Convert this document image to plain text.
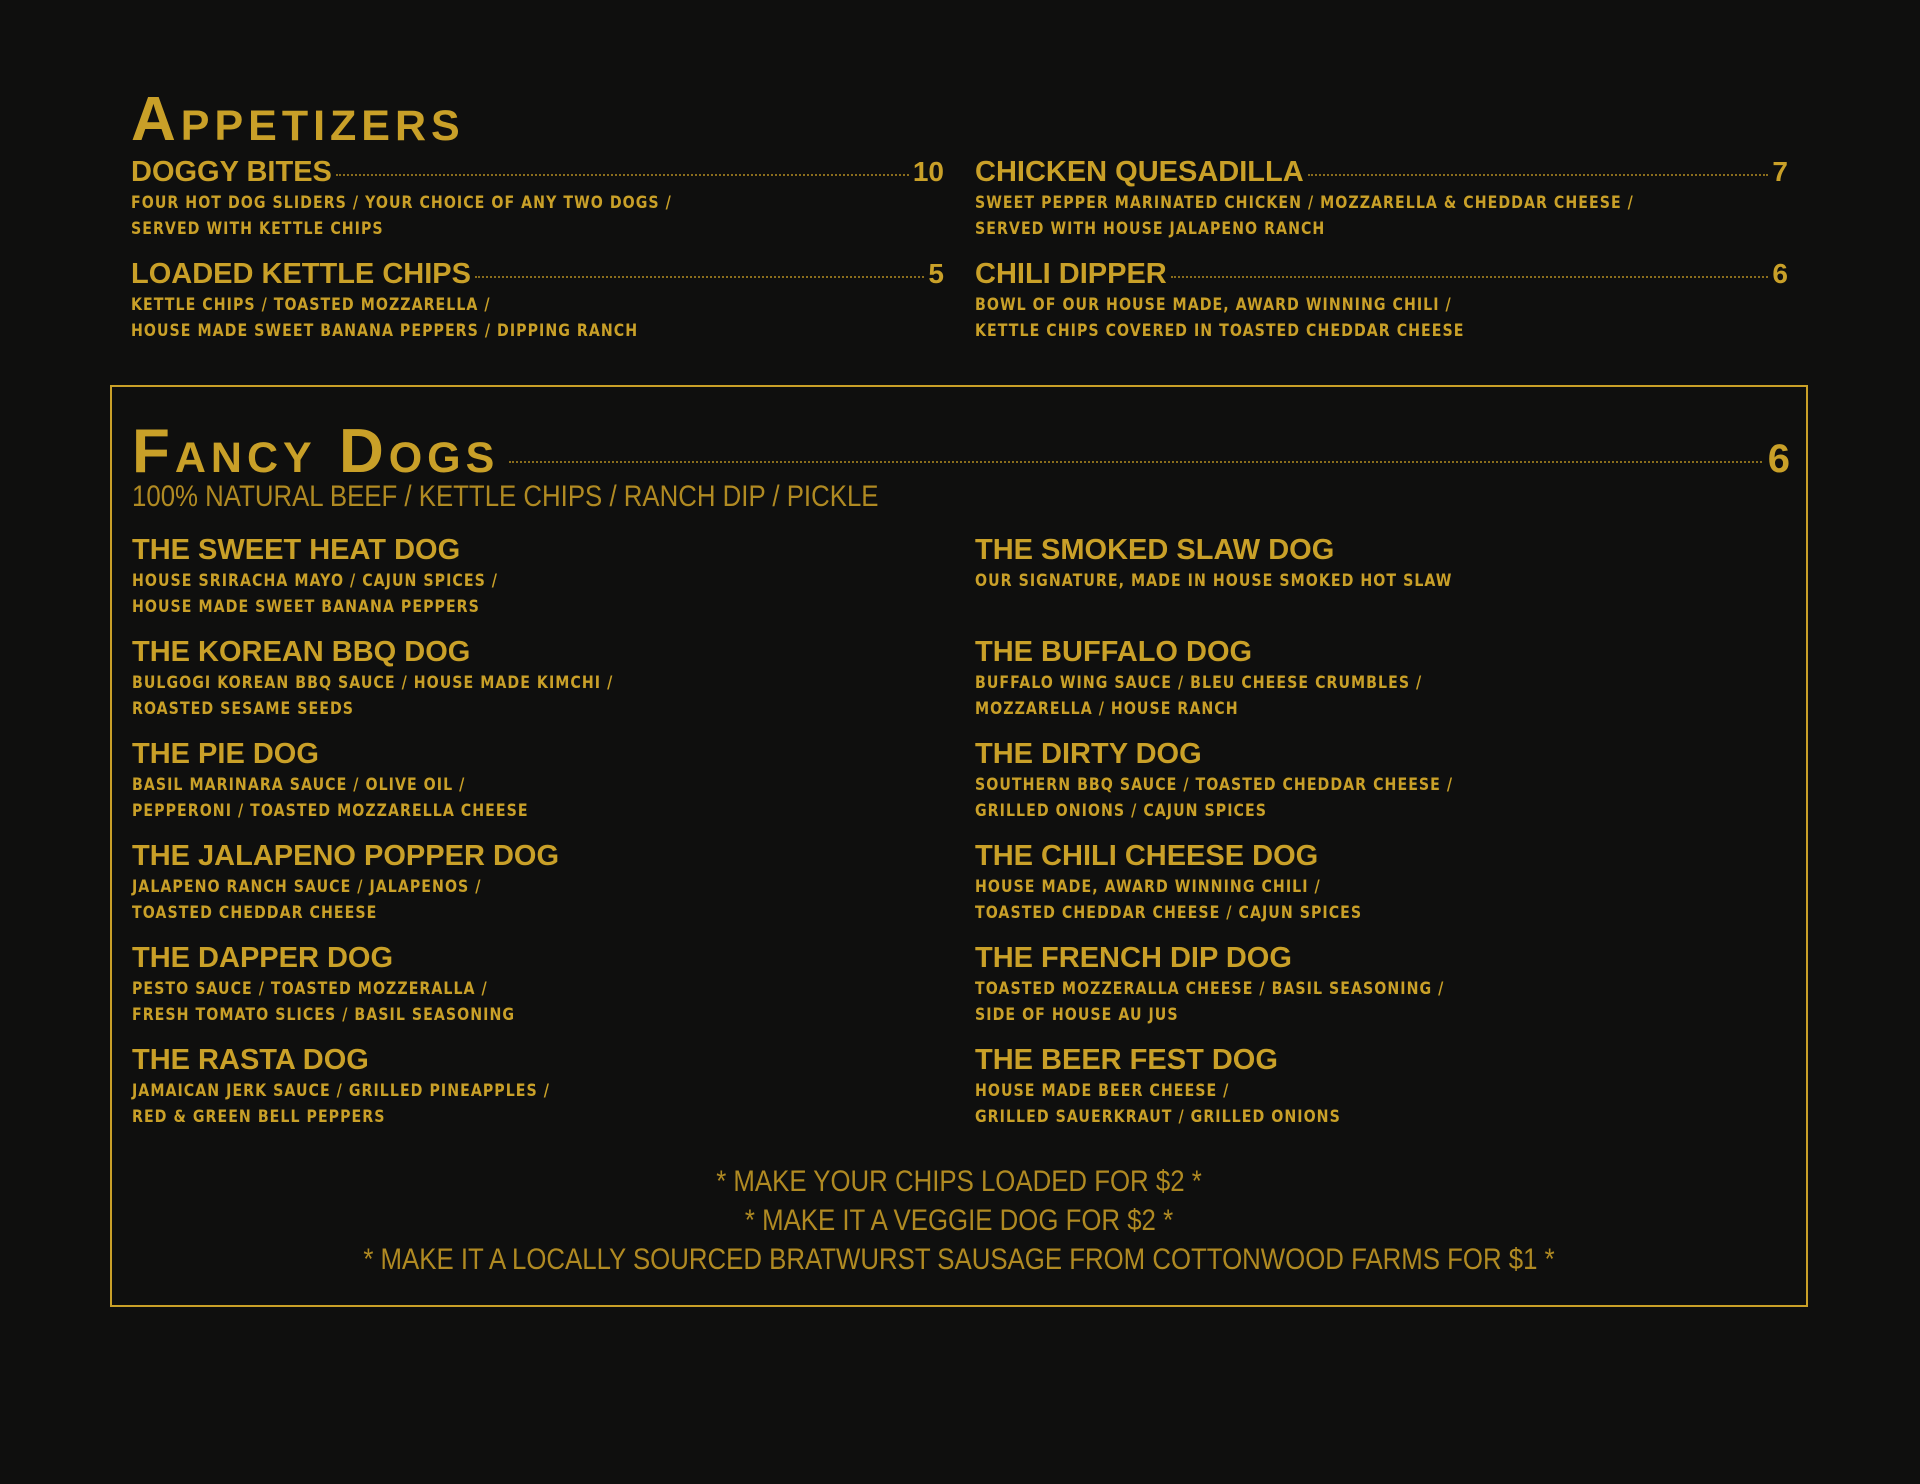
Appetizers
DOGGY BITES	10
FOUR HOT DOG SLIDERS / YOUR CHOICE OF ANY TWO DOGS /
SERVED WITH KETTLE CHIPS
CHICKEN QUESADILLA	7
SWEET PEPPER MARINATED CHICKEN / MOZZARELLA & CHEDDAR CHEESE /
SERVED WITH HOUSE JALAPENO RANCH
LOADED KETTLE CHIPS	5
KETTLE CHIPS / TOASTED MOZZARELLA /
HOUSE MADE SWEET BANANA PEPPERS / DIPPING RANCH
CHILI DIPPER	6
BOWL OF OUR HOUSE MADE, AWARD WINNING CHILI /
KETTLE CHIPS COVERED IN TOASTED CHEDDAR CHEESE
Fancy Dogs	6
100% NATURAL BEEF / KETTLE CHIPS / RANCH DIP / PICKLE
THE SWEET HEAT DOG
HOUSE SRIRACHA MAYO / CAJUN SPICES /
HOUSE MADE SWEET BANANA PEPPERS
THE SMOKED SLAW DOG
OUR SIGNATURE, MADE IN HOUSE SMOKED HOT SLAW
THE KOREAN BBQ DOG
BULGOGI KOREAN BBQ SAUCE / HOUSE MADE KIMCHI /
ROASTED SESAME SEEDS
THE BUFFALO DOG
BUFFALO WING SAUCE / BLEU CHEESE CRUMBLES /
MOZZARELLA / HOUSE RANCH
THE PIE DOG
BASIL MARINARA SAUCE / OLIVE OIL /
PEPPERONI / TOASTED MOZZARELLA CHEESE
THE DIRTY DOG
SOUTHERN BBQ SAUCE / TOASTED CHEDDAR CHEESE /
GRILLED ONIONS / CAJUN SPICES
THE JALAPENO POPPER DOG
JALAPENO RANCH SAUCE / JALAPENOS /
TOASTED CHEDDAR CHEESE
THE CHILI CHEESE DOG
HOUSE MADE, AWARD WINNING CHILI /
TOASTED CHEDDAR CHEESE / CAJUN SPICES
THE DAPPER DOG
PESTO SAUCE / TOASTED MOZZERALLA /
FRESH TOMATO SLICES / BASIL SEASONING
THE FRENCH DIP DOG
TOASTED MOZZERALLA CHEESE / BASIL SEASONING /
SIDE OF HOUSE AU JUS
THE RASTA DOG
JAMAICAN JERK SAUCE / GRILLED PINEAPPLES /
RED & GREEN BELL PEPPERS
THE BEER FEST DOG
HOUSE MADE BEER CHEESE /
GRILLED SAUERKRAUT / GRILLED ONIONS
* MAKE YOUR CHIPS LOADED FOR $2 *
* MAKE IT A VEGGIE DOG FOR $2 *
* MAKE IT A LOCALLY SOURCED BRATWURST SAUSAGE FROM COTTONWOOD FARMS FOR $1 *
